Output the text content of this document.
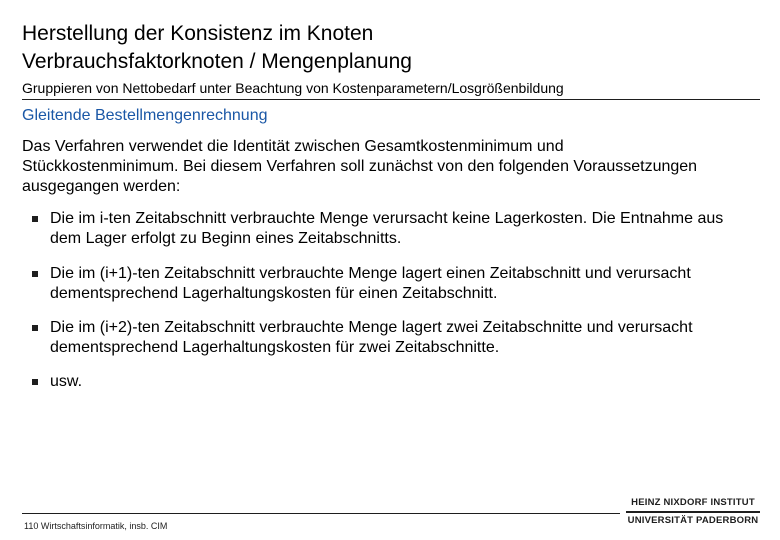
Herstellung der Konsistenz im Knoten
Verbrauchsfaktorknoten / Mengenplanung
Gruppieren von Nettobedarf unter Beachtung von Kostenparametern/Losgrößenbildung
Gleitende Bestellmengenrechnung
Das Verfahren verwendet die Identität zwischen Gesamtkostenminimum und Stückkostenminimum. Bei diesem Verfahren soll zunächst von den folgenden Voraussetzungen ausgegangen werden:
Die im i-ten Zeitabschnitt verbrauchte Menge verursacht keine Lagerkosten. Die Entnahme aus dem Lager erfolgt zu Beginn eines Zeitabschnitts.
Die im (i+1)-ten Zeitabschnitt verbrauchte Menge lagert einen Zeitabschnitt und verursacht dementsprechend Lagerhaltungskosten für einen Zeitabschnitt.
Die im (i+2)-ten Zeitabschnitt verbrauchte Menge lagert zwei Zeitabschnitte und verursacht dementsprechend Lagerhaltungskosten für zwei Zeitabschnitte.
usw.
110 Wirtschaftsinformatik, insb. CIM
HEINZ NIXDORF INSTITUT
UNIVERSITÄT PADERBORN
